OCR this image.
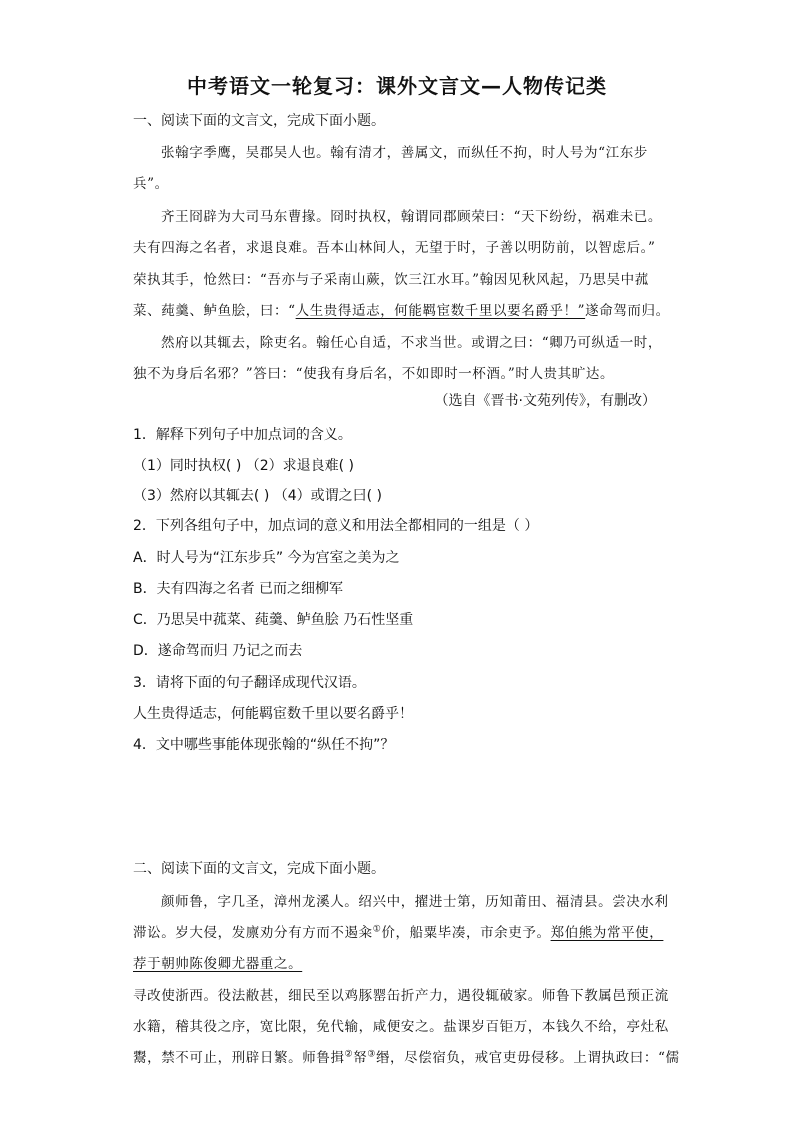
中考语文一轮复习：课外文言文—人物传记类
一、阅读下面的文言文，完成下面小题。
张翰字季鹰，吴郡吴人也。翰有清才，善属文，而纵任不拘，时人号为“江东步
兵”。
齐王冏辟为大司马东曹掾。冏时执权，翰谓同郡顾荣曰：“天下纷纷，祸难未已。
夫有四海之名者，求退良难。吾本山林间人，无望于时，子善以明防前，以智虑后。”
荣执其手，怆然曰：“吾亦与子采南山蕨，饮三江水耳。”翰因见秋风起，乃思吴中菰
菜、莼羹、鲈鱼脍，曰：“人生贵得适志，何能羁宦数千里以要名爵乎！”遂命驾而归。
然府以其辄去，除吏名。翰任心自适，不求当世。或谓之曰：“卿乃可纵适一时，
独不为身后名邪？”答曰：“使我有身后名，不如即时一杯酒。”时人贵其旷达。
（选自《晋书·文苑列传》，有删改）
1．解释下列句子中加点词的含义。
（1）同时执权( ) （2）求退良难( )
（3）然府以其辄去( ) （4）或谓之曰( )
2．下列各组句子中，加点词的意义和用法全都相同的一组是（ ）
A．时人号为“江东步兵” 今为宫室之美为之
B．夫有四海之名者 已而之细柳军
C．乃思吴中菰菜、莼羹、鲈鱼脍 乃石性坚重
D．遂命驾而归 乃记之而去
3．请将下面的句子翻译成现代汉语。
人生贵得适志，何能羁宦数千里以要名爵乎！
4．文中哪些事能体现张翰的“纵任不拘”？
二、阅读下面的文言文，完成下面小题。
颜师鲁，字几圣，漳州龙溪人。绍兴中，擢进士第，历知莆田、福清县。尝决水利
滞讼。岁大侵，发廪劝分有方而不遏籴①价，船粟毕凑，市余吏予。郑伯熊为常平使，
荐于朝帅陈俊卿尤器重之。
寻改使浙西。役法敝甚，细民至以鸡豚罂缶折产力，遇役辄破家。师鲁下教属邑预正流
水籍，稽其役之序，宽比限，免代输，咸便安之。盐课岁百钜万，本钱久不给，亭灶私
鬻，禁不可止，刑辟日繁。师鲁揖②帑③缗，尽偿宿负，戒官吏毋侵移。上谓执政曰：“儒
